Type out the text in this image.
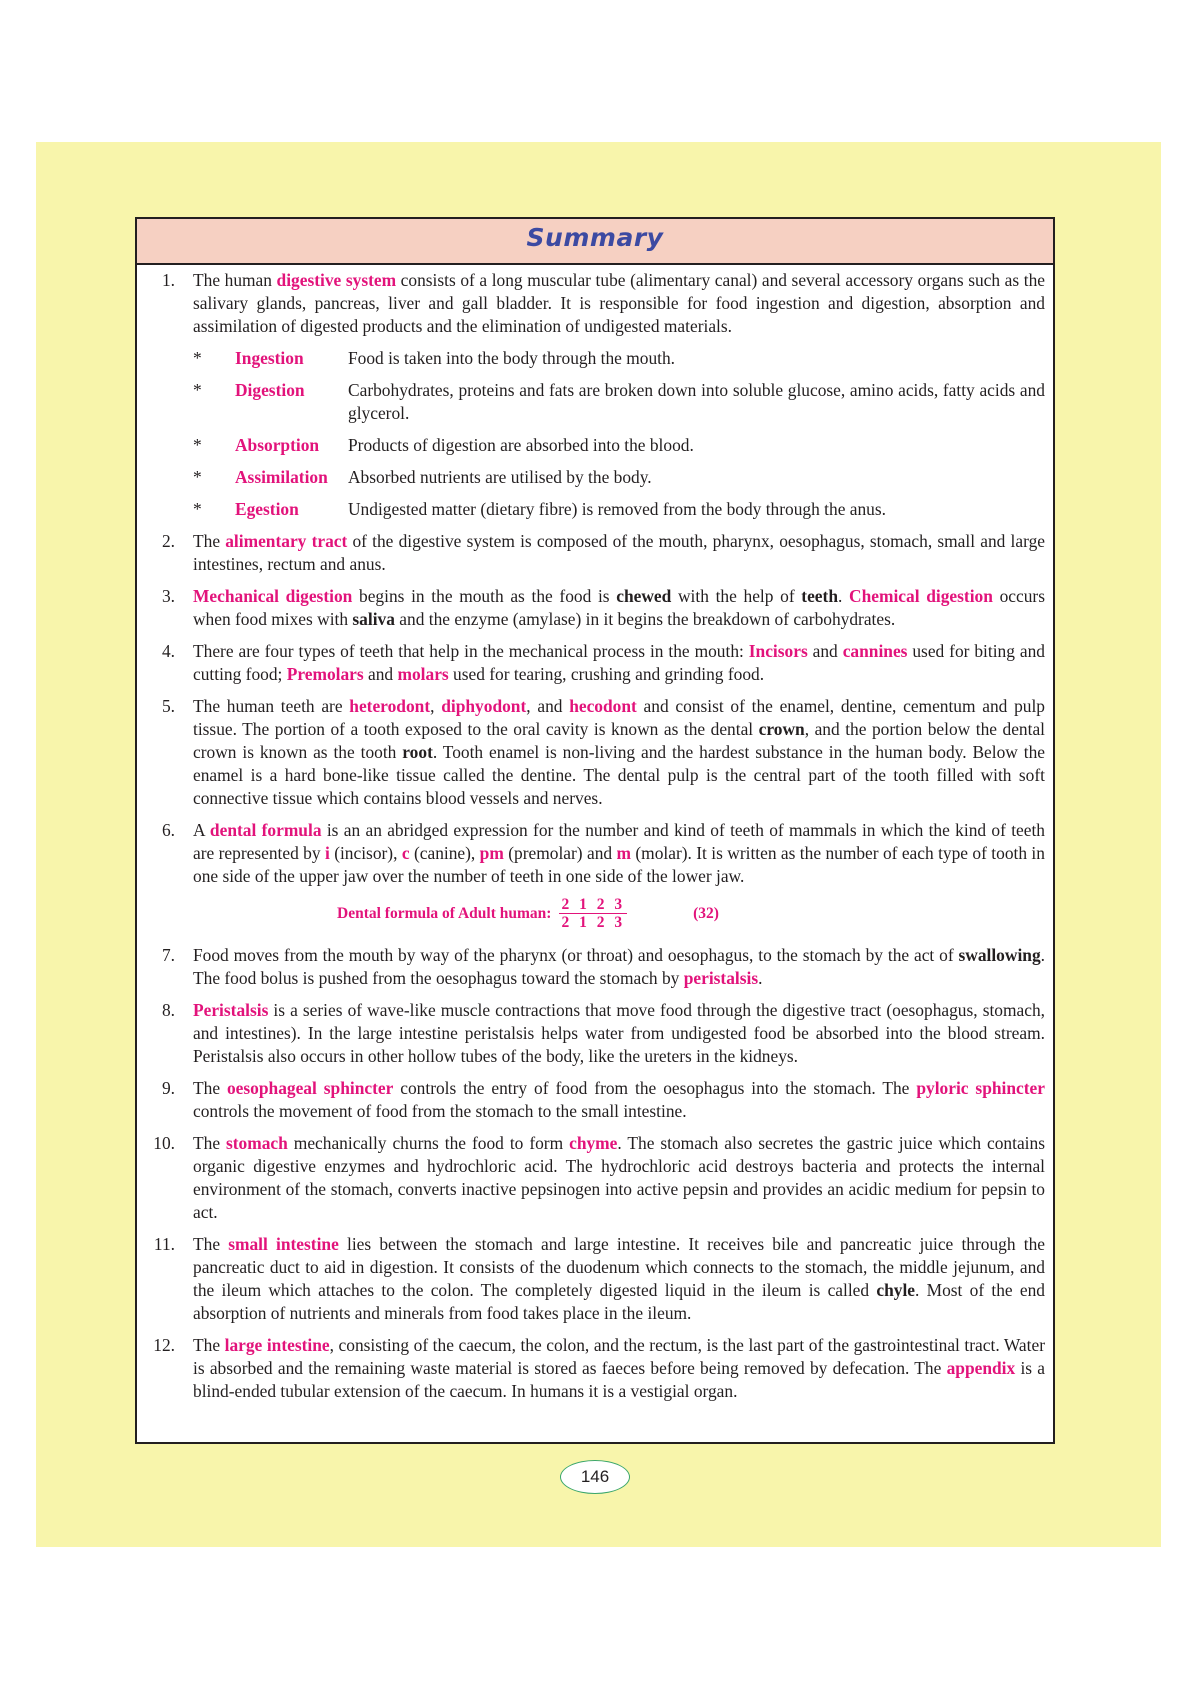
Summary
1.	The human digestive system consists of a long muscular tube (alimentary canal) and several accessory organs such as the salivary glands, pancreas, liver and gall bladder. It is responsible for food ingestion and digestion, absorption and assimilation of digested products and the elimination of undigested materials.
*	Ingestion	Food is taken into the body through the mouth.
*	Digestion	Carbohydrates, proteins and fats are broken down into soluble glucose, amino acids, fatty acids and glycerol.
*	Absorption	Products of digestion are absorbed into the blood.
*	Assimilation	Absorbed nutrients are utilised by the body.
*	Egestion	Undigested matter (dietary fibre) is removed from the body through the anus.
2.	The alimentary tract of the digestive system is composed of the mouth, pharynx, oesophagus, stomach, small and large intestines, rectum and anus.
3.	Mechanical digestion begins in the mouth as the food is chewed with the help of teeth. Chemical digestion occurs when food mixes with saliva and the enzyme (amylase) in it begins the breakdown of carbohydrates.
4.	There are four types of teeth that help in the mechanical process in the mouth: Incisors and cannines used for biting and cutting food; Premolars and molars used for tearing, crushing and grinding food.
5.	The human teeth are heterodont, diphyodont, and hecodont and consist of the enamel, dentine, cementum and pulp tissue. The portion of a tooth exposed to the oral cavity is known as the dental crown, and the portion below the dental crown is known as the tooth root. Tooth enamel is non-living and the hardest substance in the human body. Below the enamel is a hard bone-like tissue called the dentine. The dental pulp is the central part of the tooth filled with soft connective tissue which contains blood vessels and nerves.
6.	A dental formula is an an abridged expression for the number and kind of teeth of mammals in which the kind of teeth are represented by i (incisor), c (canine), pm (premolar) and m (molar). It is written as the number of each type of tooth in one side of the upper jaw over the number of teeth in one side of the lower jaw.
Dental formula of Adult human: $\frac{2 1 2 3}{2 1 2 3}$	(32)
7.	Food moves from the mouth by way of the pharynx (or throat) and oesophagus, to the stomach by the act of swallowing. The food bolus is pushed from the oesophagus toward the stomach by peristalsis.
8.	Peristalsis is a series of wave-like muscle contractions that move food through the digestive tract (oesophagus, stomach, and intestines). In the large intestine peristalsis helps water from undigested food be absorbed into the blood stream. Peristalsis also occurs in other hollow tubes of the body, like the ureters in the kidneys.
9.	The oesophageal sphincter controls the entry of food from the oesophagus into the stomach. The pyloric sphincter controls the movement of food from the stomach to the small intestine.
10.	The stomach mechanically churns the food to form chyme. The stomach also secretes the gastric juice which contains organic digestive enzymes and hydrochloric acid. The hydrochloric acid destroys bacteria and protects the internal environment of the stomach, converts inactive pepsinogen into active pepsin and provides an acidic medium for pepsin to act.
11.	The small intestine lies between the stomach and large intestine. It receives bile and pancreatic juice through the pancreatic duct to aid in digestion. It consists of the duodenum which connects to the stomach, the middle jejunum, and the ileum which attaches to the colon. The completely digested liquid in the ileum is called chyle. Most of the end absorption of nutrients and minerals from food takes place in the ileum.
12.	The large intestine, consisting of the caecum, the colon, and the rectum, is the last part of the gastrointestinal tract. Water is absorbed and the remaining waste material is stored as faeces before being removed by defecation. The appendix is a blind-ended tubular extension of the caecum. In humans it is a vestigial organ.
146
